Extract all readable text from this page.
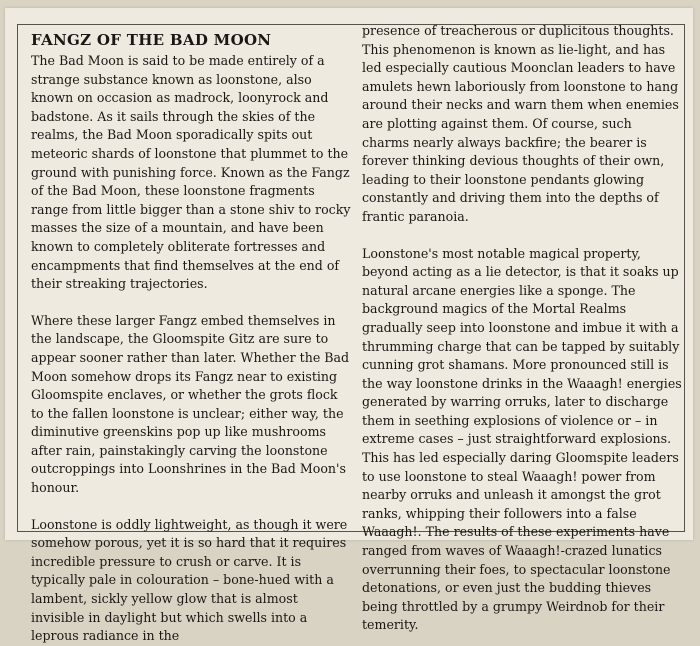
FANGZ OF THE BAD MOON

The Bad Moon is said to be made entirely of a strange substance known as loonstone, also known on occasion as madrock, loonyrock and badstone. As it sails through the skies of the realms, the Bad Moon sporadically spits out meteoric shards of loonstone that plummet to the ground with punishing force. Known as the Fangz of the Bad Moon, these loonstone fragments range from little bigger than a stone shiv to rocky masses the size of a mountain, and have been known to completely obliterate fortresses and encampments that find themselves at the end of their streaking trajectories.

Where these larger Fangz embed themselves in the landscape, the Gloomspite Gitz are sure to appear sooner rather than later. Whether the Bad Moon somehow drops its Fangz near to existing Gloomspite enclaves, or whether the grots flock to the fallen loonstone is unclear; either way, the diminutive greenskins pop up like mushrooms after rain, painstakingly carving the loonstone outcroppings into Loonshrines in the Bad Moon's honour.

Loonstone is oddly lightweight, as though it were somehow porous, yet it is so hard that it requires incredible pressure to crush or carve. It is typically pale in colouration – bone-hued with a lambent, sickly yellow glow that is almost invisible in daylight but which swells into a leprous radiance in the

presence of treacherous or duplicitous thoughts. This phenomenon is known as lie-light, and has led especially cautious Moonclan leaders to have amulets hewn laboriously from loonstone to hang around their necks and warn them when enemies are plotting against them. Of course, such charms nearly always backfire; the bearer is forever thinking devious thoughts of their own, leading to their loonstone pendants glowing constantly and driving them into the depths of frantic paranoia.

Loonstone's most notable magical property, beyond acting as a lie detector, is that it soaks up natural arcane energies like a sponge. The background magics of the Mortal Realms gradually seep into loonstone and imbue it with a thrumming charge that can be tapped by suitably cunning grot shamans. More pronounced still is the way loonstone drinks in the Waaagh! energies generated by warring orruks, later to discharge them in seething explosions of violence or – in extreme cases – just straightforward explosions. This has led especially daring Gloomspite leaders to use loonstone to steal Waaagh! power from nearby orruks and unleash it amongst the grot ranks, whipping their followers into a false Waaagh!. The results of these experiments have ranged from waves of Waaagh!-crazed lunatics overrunning their foes, to spectacular loonstone detonations, or even just the budding thieves being throttled by a grumpy Weirdnob for their temerity.
